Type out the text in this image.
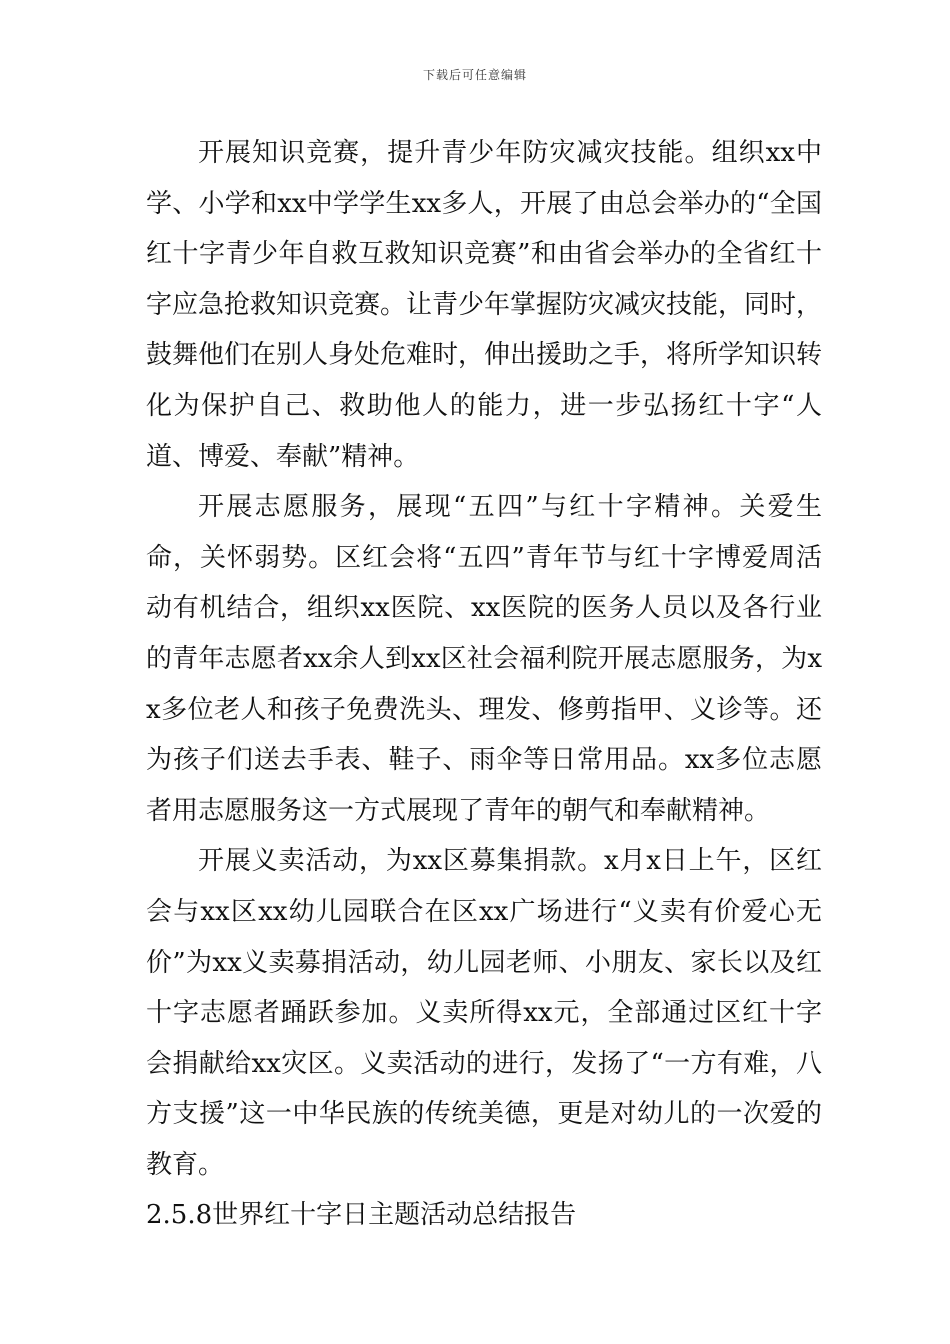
下载后可任意编辑

开展知识竞赛，提升青少年防灾减灾技能。组织xx中学、小学和xx中学学生xx多人，开展了由总会举办的“全国红十字青少年自救互救知识竞赛”和由省会举办的全省红十字应急抢救知识竞赛。让青少年掌握防灾减灾技能，同时，鼓舞他们在别人身处危难时，伸出援助之手，将所学知识转化为保护自己、救助他人的能力，进一步弘扬红十字“人道、博爱、奉献”精神。

开展志愿服务，展现“五四”与红十字精神。关爱生命，关怀弱势。区红会将“五四”青年节与红十字博爱周活动有机结合，组织xx医院、xx医院的医务人员以及各行业的青年志愿者xx余人到xx区社会福利院开展志愿服务，为xx多位老人和孩子免费洗头、理发、修剪指甲、义诊等。还为孩子们送去手表、鞋子、雨伞等日常用品。xx多位志愿者用志愿服务这一方式展现了青年的朝气和奉献精神。

开展义卖活动，为xx区募集捐款。x月x日上午，区红会与xx区xx幼儿园联合在区xx广场进行“义卖有价爱心无价”为xx义卖募捐活动，幼儿园老师、小朋友、家长以及红十字志愿者踊跃参加。义卖所得xx元，全部通过区红十字会捐献给xx灾区。义卖活动的进行，发扬了“一方有难，八方支援”这一中华民族的传统美德，更是对幼儿的一次爱的教育。

2.5.8世界红十字日主题活动总结报告
